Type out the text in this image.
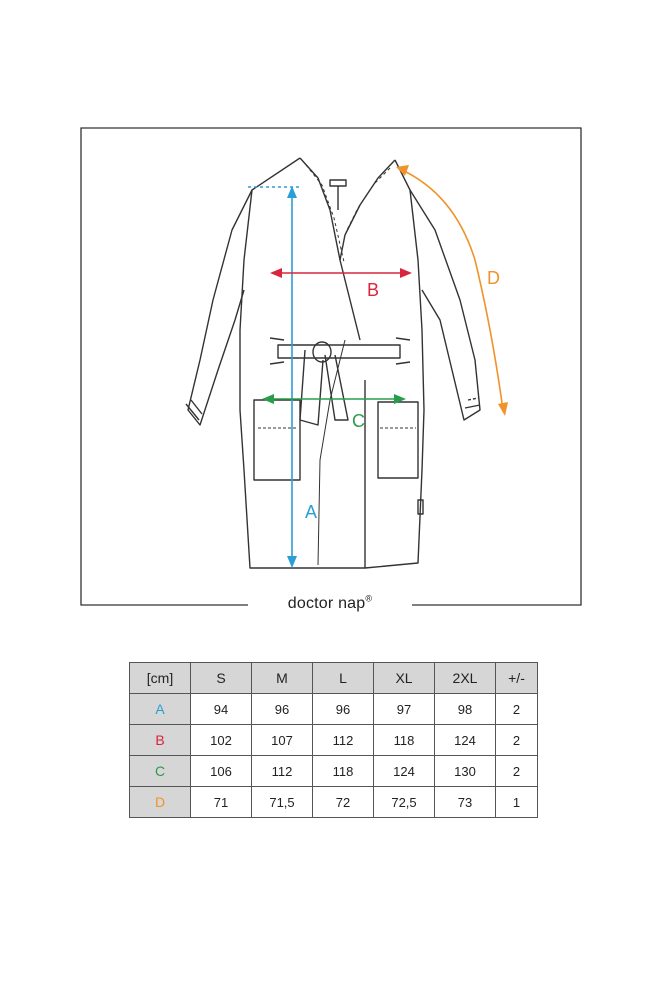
A
B
C
D
doctor nap®
[cm]	S	M	L	XL	2XL	+/-
A	94	96	96	97	98	2
B	102	107	112	118	124	2
C	106	112	118	124	130	2
D	71	71,5	72	72,5	73	1
